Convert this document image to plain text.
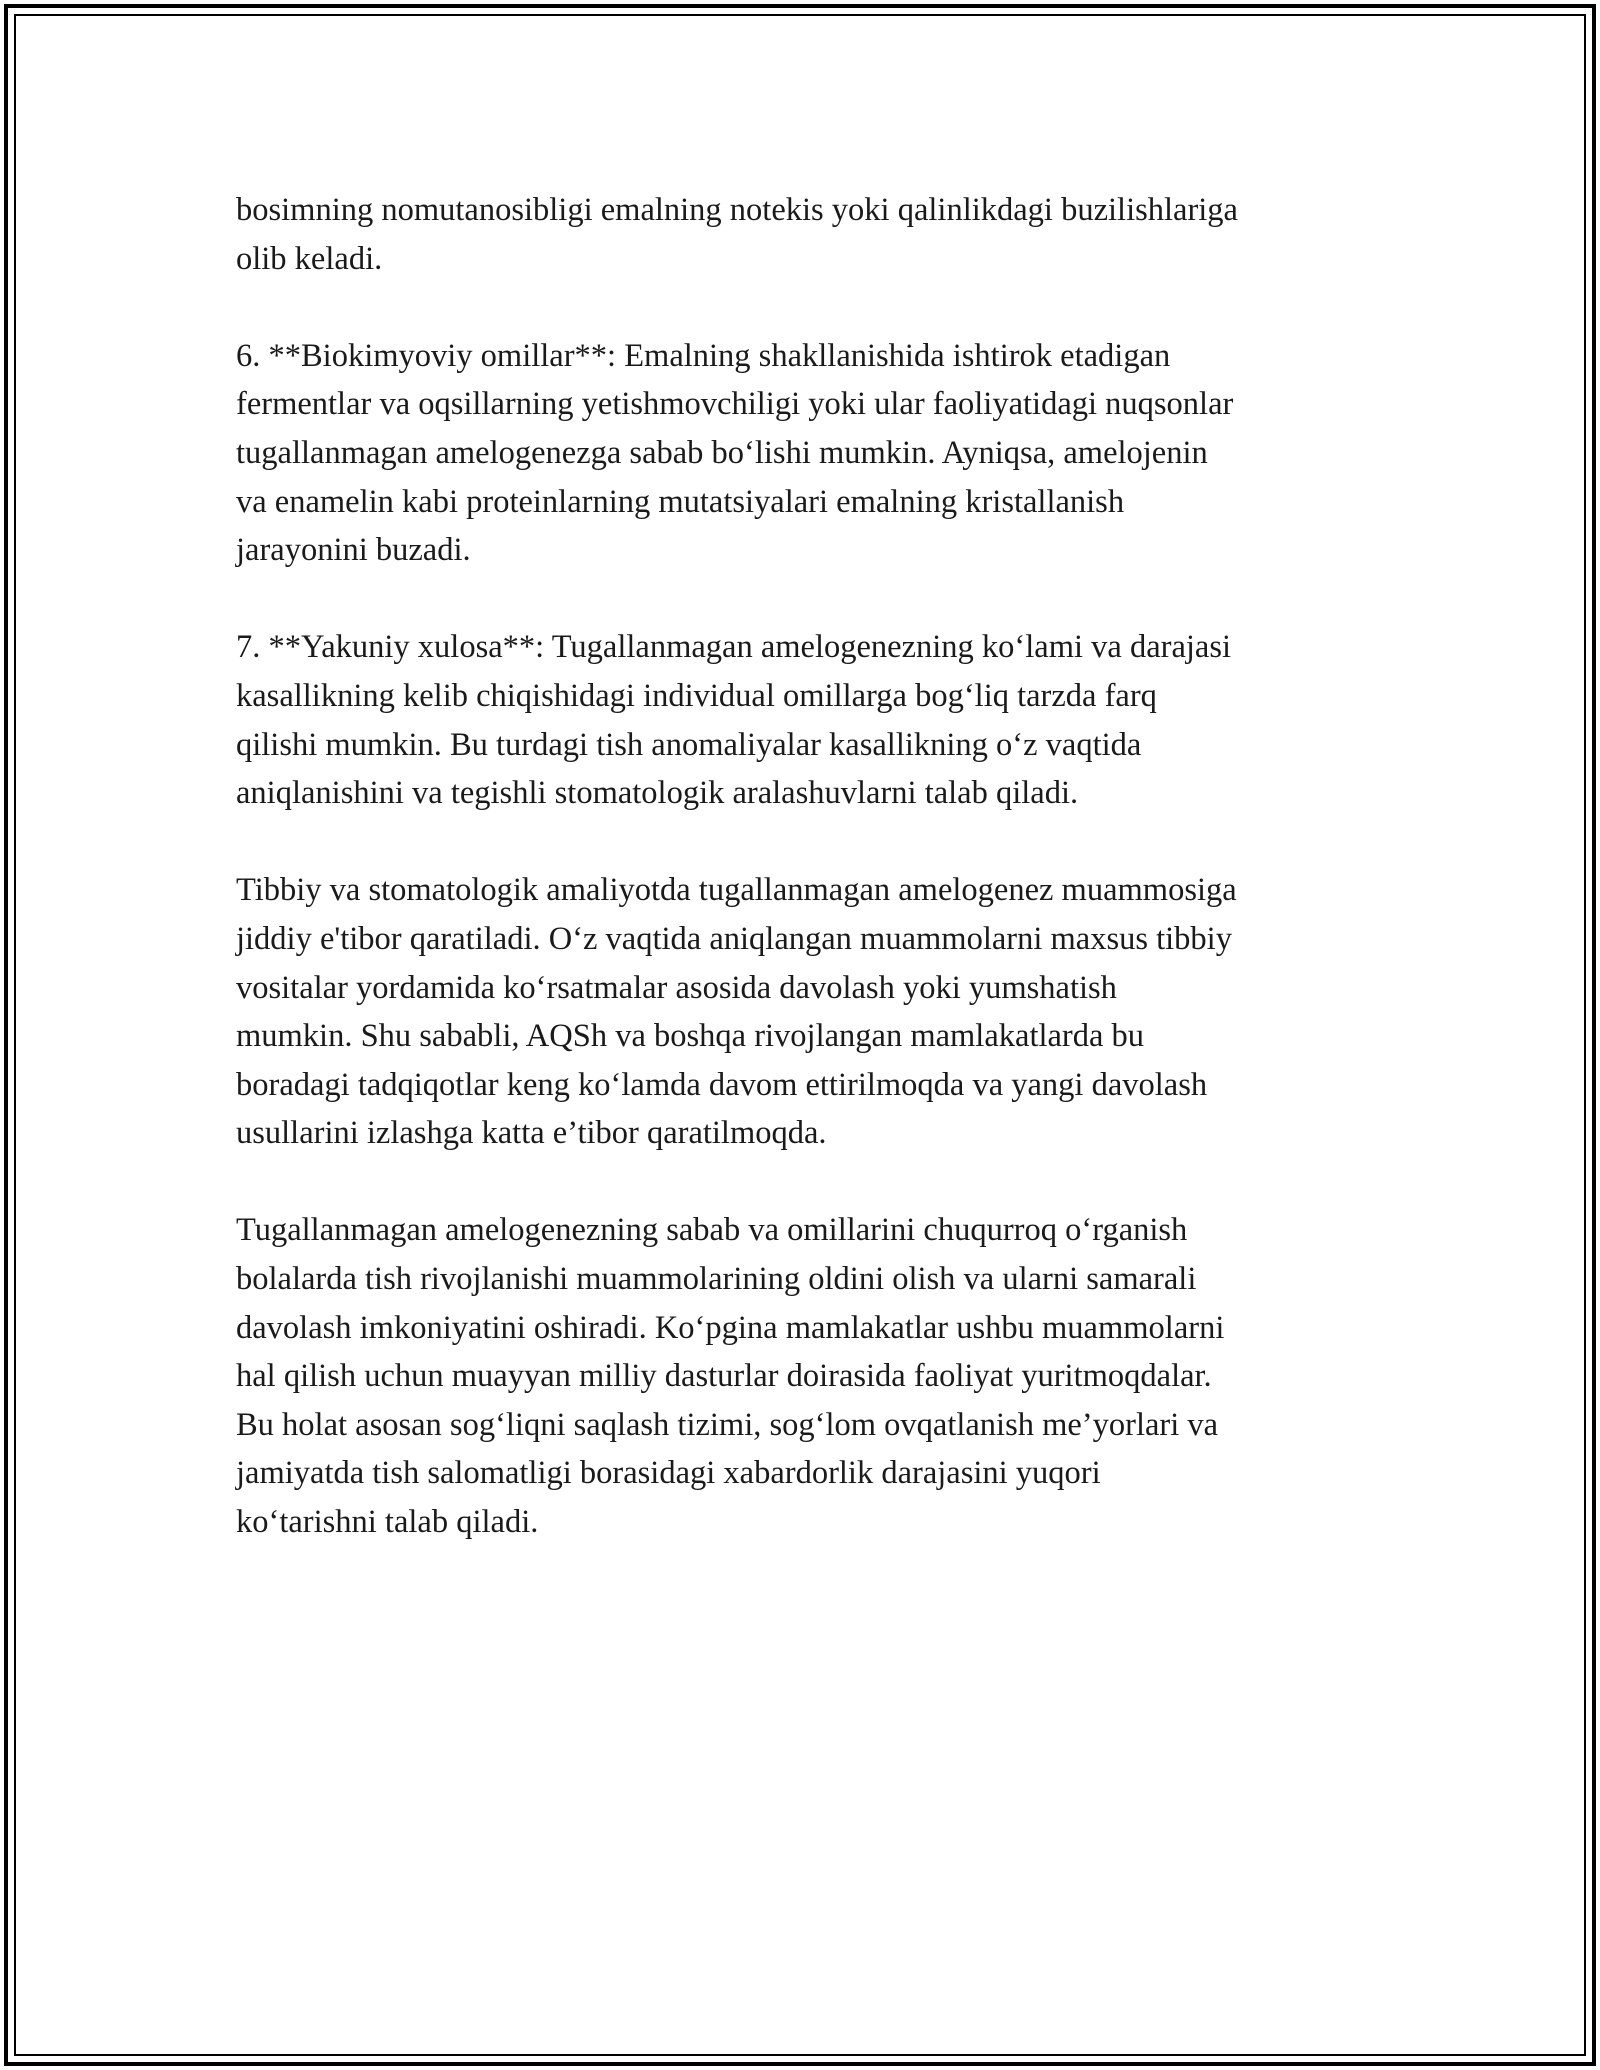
bosimning nomutanosibligi emalning notekis yoki qalinlikdagi buzilishlariga
olib keladi.

6. **Biokimyoviy omillar**: Emalning shakllanishida ishtirok etadigan
fermentlar va oqsillarning yetishmovchiligi yoki ular faoliyatidagi nuqsonlar
tugallanmagan amelogenezga sabab bo‘lishi mumkin. Ayniqsa, amelojenin
va enamelin kabi proteinlarning mutatsiyalari emalning kristallanish
jarayonini buzadi.

7. **Yakuniy xulosa**: Tugallanmagan amelogenezning ko‘lami va darajasi
kasallikning kelib chiqishidagi individual omillarga bog‘liq tarzda farq
qilishi mumkin. Bu turdagi tish anomaliyalar kasallikning o‘z vaqtida
aniqlanishini va tegishli stomatologik aralashuvlarni talab qiladi.

Tibbiy va stomatologik amaliyotda tugallanmagan amelogenez muammosiga
jiddiy e'tibor qaratiladi. O‘z vaqtida aniqlangan muammolarni maxsus tibbiy
vositalar yordamida ko‘rsatmalar asosida davolash yoki yumshatish
mumkin. Shu sababli, AQSh va boshqa rivojlangan mamlakatlarda bu
boradagi tadqiqotlar keng ko‘lamda davom ettirilmoqda va yangi davolash
usullarini izlashga katta e’tibor qaratilmoqda.

Tugallanmagan amelogenezning sabab va omillarini chuqurroq o‘rganish
bolalarda tish rivojlanishi muammolarining oldini olish va ularni samarali
davolash imkoniyatini oshiradi. Ko‘pgina mamlakatlar ushbu muammolarni
hal qilish uchun muayyan milliy dasturlar doirasida faoliyat yuritmoqdalar.
Bu holat asosan sog‘liqni saqlash tizimi, sog‘lom ovqatlanish me’yorlari va
jamiyatda tish salomatligi borasidagi xabardorlik darajasini yuqori
ko‘tarishni talab qiladi.
